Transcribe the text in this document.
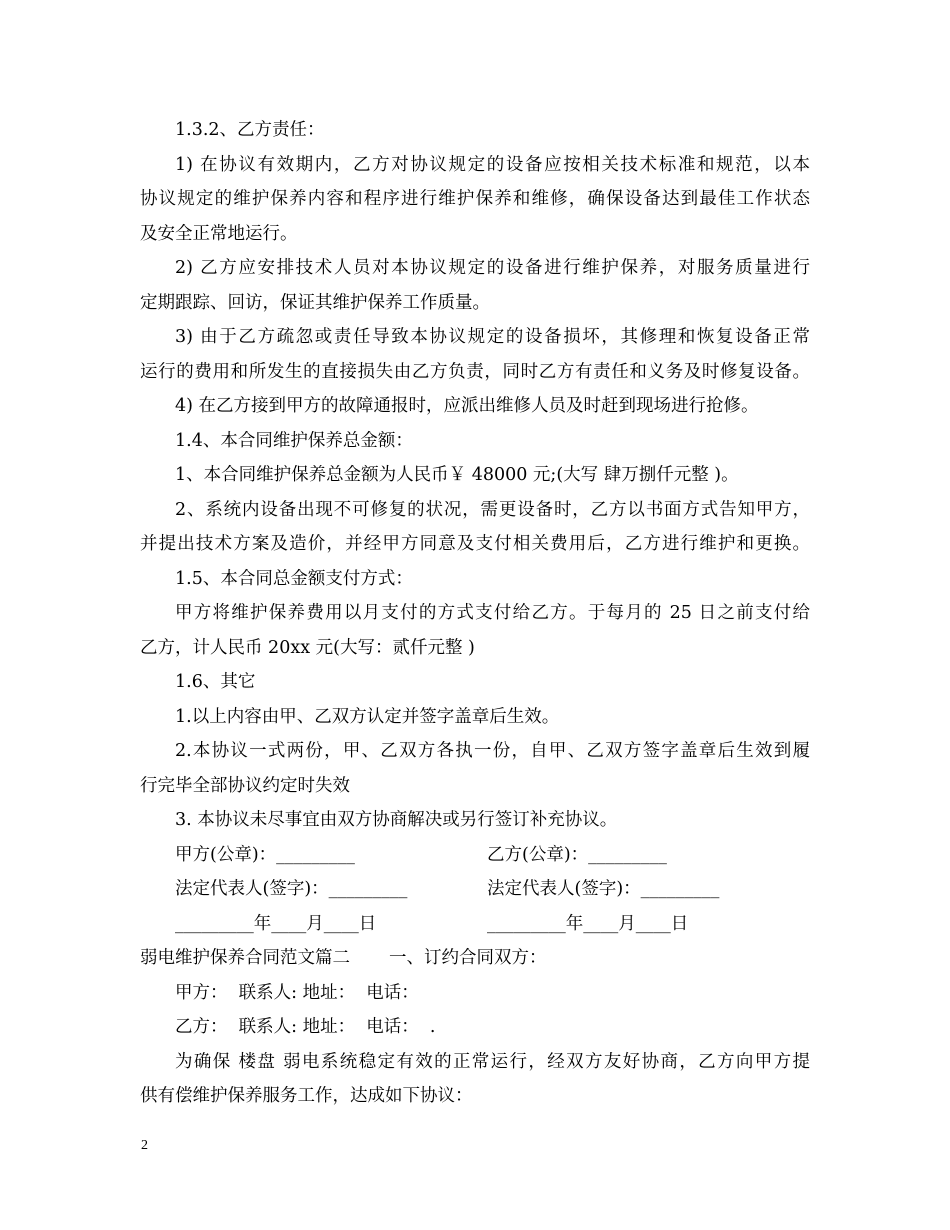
1.3.2、乙方责任：
1) 在协议有效期内，乙方对协议规定的设备应按相关技术标准和规范，以本
协议规定的维护保养内容和程序进行维护保养和维修，确保设备达到最佳工作状态
及安全正常地运行。
2) 乙方应安排技术人员对本协议规定的设备进行维护保养，对服务质量进行
定期跟踪、回访，保证其维护保养工作质量。
3) 由于乙方疏忽或责任导致本协议规定的设备损坏，其修理和恢复设备正常
运行的费用和所发生的直接损失由乙方负责，同时乙方有责任和义务及时修复设备。
4) 在乙方接到甲方的故障通报时，应派出维修人员及时赶到现场进行抢修。
1.4、本合同维护保养总金额：
1、本合同维护保养总金额为人民币￥ 48000 元;(大写 肆万捌仟元整 )。
2、系统内设备出现不可修复的状况，需更设备时，乙方以书面方式告知甲方，
并提出技术方案及造价，并经甲方同意及支付相关费用后，乙方进行维护和更换。
1.5、本合同总金额支付方式：
甲方将维护保养费用以月支付的方式支付给乙方。于每月的 25 日之前支付给
乙方，计人民币 20xx 元(大写：贰仟元整 )
1.6、其它
1.以上内容由甲、乙双方认定并签字盖章后生效。
2.本协议一式两份，甲、乙双方各执一份，自甲、乙双方签字盖章后生效到履
行完毕全部协议约定时失效
3. 本协议未尽事宜由双方协商解决或另行签订补充协议。
甲方(公章)：_________	乙方(公章)：_________
法定代表人(签字)：_________	法定代表人(签字)：_________
_________年____月____日	_________年____月____日
弱电维护保养合同范文篇二       一、订约合同双方：
甲方：  联系人: 地址：  电话：
乙方：  联系人: 地址：  电话：  .
为确保 楼盘 弱电系统稳定有效的正常运行，经双方友好协商，乙方向甲方提
供有偿维护保养服务工作，达成如下协议：
2
